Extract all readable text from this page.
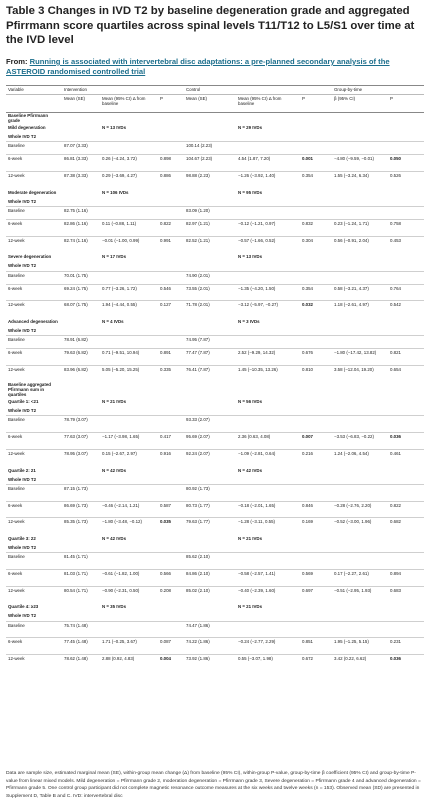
Table 3 Changes in IVD T2 by baseline degeneration grade and aggregated Pfirrmann score quartiles across spinal levels T11/T12 to L5/S1 over time at the IVD level
From: Running is associated with intervertebral disc adaptations: a pre-planned secondary analysis of the ASTEROID randomised controlled trial
Variable	Intervention			Control			Group-by-time	
	Mean (SE)	Mean (95% CI) Δ from baseline	P	Mean (SE)	Mean (95% CI) Δ from baseline	P	β (95% CI)	P
Baseline Pfirrmann grade								
Mild degeneration		N = 13 IVDs			N = 29 IVDs			
Whole IVD T2								
Baseline	87.07 (3.33)			100.14 (2.23)				
6-week	86.81 (3.33)	0.26 (−4.24, 3.72)	0.898	104.67 (2.23)	4.54 (1.87, 7.20)	0.001	−4.80 (−9.59, −0.01)	0.050
12-week	87.38 (3.33)	0.29 (−3.69, 4.27)	0.886	98.88 (2.23)	−1.26 (−3.92, 1.40)	0.354	1.55 (−3.24, 6.34)	0.526
Moderate degeneration		N = 106 IVDs			N = 95 IVDs			
Whole IVD T2								
Baseline	82.75 (1.16)			83.09 (1.20)				
6-week	82.86 (1.16)	0.11 (−0.88, 1.11)	0.822	82.97 (1.21)	−0.12 (−1.21, 0.97)	0.832	0.23 (−1.24, 1.71)	0.758
12-week	82.74 (1.16)	−0.01 (−1.00, 0.99)	0.991	82.52 (1.21)	−0.57 (−1.66, 0.52)	0.304	0.56 (−0.91, 2.04)	0.453
Severe degeneration		N = 17 IVDs			N = 13 IVDs			
Whole IVD T2								
Baseline	70.01 (1.75)			74.90 (2.01)				
6-week	69.24 (1.75)	0.77 (−3.26, 1.72)	0.546	73.55 (2.01)	−1.35 (−4.20, 1.50)	0.354	0.58 (−3.21, 4.37)	0.764
12-week	68.07 (1.75)	1.94 (−4.44, 0.55)	0.127	71.78 (2.01)	−3.12 (−5.97, −0.27)	0.032	1.18 (−2.61, 4.97)	0.542
Advanced degeneration		N = 4 IVDs			N = 3 IVDs			
Whole IVD T2								
Baseline	78.91 (6.82)			74.95 (7.87)				
6-week	79.63 (6.82)	0.71 (−9.51, 10.94)	0.891	77.47 (7.87)	2.52 (−9.29, 14.32)	0.676	−1.80 (−17.42, 13.82)	0.821
12-week	83.96 (6.82)	5.05 (−5.20, 15.25)	0.335	76.41 (7.87)	1.45 (−10.35, 13.26)	0.810	3.58 (−12.04, 19.20)	0.654
Baseline aggregated Pfirrmann sum in quartiles								
Quartile 1: <21		N = 21 IVDs			N = 56 IVDs			
Whole IVD T2								
Baseline	78.79 (3.07)			93.33 (2.07)				
6-week	77.63 (3.07)	−1.17 (−3.98, 1.65)	0.417	95.69 (2.07)	2.36 (0.63, 4.08)	0.007	−3.53 (−6.83, −0.22)	0.036
12-week	78.95 (3.07)	0.15 (−2.67, 2.97)	0.916	92.24 (2.07)	−1.09 (−2.81, 0.64)	0.216	1.24 (−2.06, 4.54)	0.461
Quartile 2: 21		N = 42 IVDs			N = 42 IVDs			
Whole IVD T2								
Baseline	87.15 (1.73)			80.92 (1.73)				
6-week	86.69 (1.73)	−0.46 (−2.14, 1.21)	0.587	80.73 (1.77)	−0.18 (−2.01, 1.65)	0.846	−0.28 (−2.76, 2.20)	0.822
12-week	85.35 (1.73)	−1.80 (−3.48, −0.12)	0.035	79.63 (1.77)	−1.28 (−3.11, 0.55)	0.169	−0.52 (−3.00, 1.96)	0.682
Quartile 3: 22		N = 42 IVDs			N = 21 IVDs			
Whole IVD T2								
Baseline	81.45 (1.71)			85.62 (2.10)				
6-week	81.03 (1.71)	−0.61 (−1.82, 1.00)	0.566	84.86 (2.10)	−0.58 (−2.57, 1.41)	0.569	0.17 (−2.27, 2.61)	0.894
12-week	80.54 (1.71)	−0.90 (−2.31, 0.50)	0.208	85.02 (2.10)	−0.40 (−2.39, 1.60)	0.697	−0.51 (−2.95, 1.93)	0.683
Quartile 4: ≥23		N = 35 IVDs			N = 21 IVDs			
Whole IVD T2								
Baseline	75.74 (1.48)			74.47 (1.86)				
6-week	77.45 (1.48)	1.71 (−0.25, 3.67)	0.087	74.22 (1.86)	−0.24 (−2.77, 2.29)	0.851	1.95 (−1.25, 5.15)	0.231
12-week	78.62 (1.48)	2.88 (0.92, 4.83)	0.004	73.92 (1.86)	0.55 (−3.07, 1.98)	0.672	3.42 (0.22, 6.62)	0.036
Data are sample size, estimated marginal mean (SE), within-group mean change (Δ) from baseline (95% CI), within-group P-value, group-by-time β coefficient (95% CI) and group-by-time P-value from linear mixed models. Mild degeneration = Pfirrmann grade 2, moderation degeneration = Pfirrmann grade 3, Severe degeneration = Pfirrmann grade 4 and advanced degeneration = Pfirrmann grade 5. One control group participant did not complete magnetic resonance outcome measures at the six weeks and twelve weeks (n = 153). Observed mean (SD) are presented in Supplement D, Table B and C. IVD: intervertebral disc
